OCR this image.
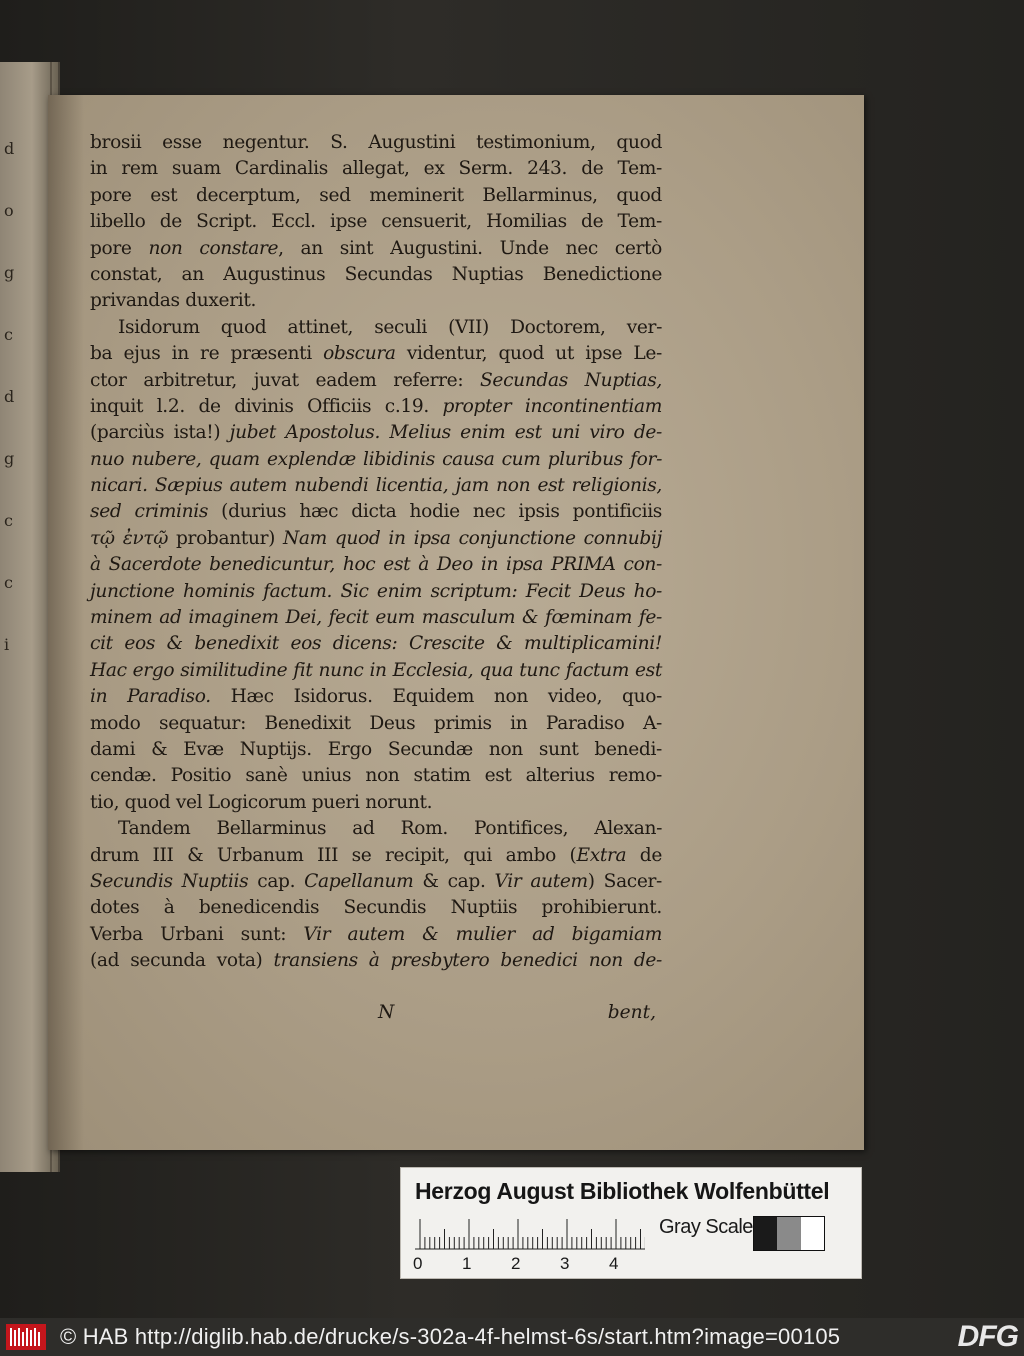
d
o
g
c
d
g
c
c
i
brosii esse negentur. S. Augustini testimonium, quod
in rem suam Cardinalis allegat, ex Serm. 243. de Tem-
pore est decerptum, sed meminerit Bellarminus, quod
libello de Script. Eccl. ipse censuerit, Homilias de Tem-
pore non constare, an sint Augustini. Unde nec certò
constat, an Augustinus Secundas Nuptias Benedictione
privandas duxerit.
Isidorum quod attinet, seculi (VII) Doctorem, ver-
ba ejus in re præsenti obscura videntur, quod ut ipse Le-
ctor arbitretur, juvat eadem referre: Secundas Nuptias,
inquit l.2. de divinis Officiis c.19. propter incontinentiam
(parciùs ista!) jubet Apostolus. Melius enim est uni viro de-
nuo nubere, quam explendæ libidinis causa cum pluribus for-
nicari. Sæpius autem nubendi licentia, jam non est religionis,
sed criminis (durius hæc dicta hodie nec ipsis pontificiis
τῷ ἐντῷ probantur) Nam quod in ipsa conjunctione connubij
à Sacerdote benedicuntur, hoc est à Deo in ipsa PRIMA con-
junctione hominis factum. Sic enim scriptum: Fecit Deus ho-
minem ad imaginem Dei, fecit eum masculum & fœminam fe-
cit eos & benedixit eos dicens: Crescite & multiplicamini!
Hac ergo similitudine fit nunc in Ecclesia, qua tunc factum est
in Paradiso. Hæc Isidorus. Equidem non video, quo-
modo sequatur: Benedixit Deus primis in Paradiso A-
dami & Evæ Nuptijs. Ergo Secundæ non sunt benedi-
cendæ. Positio sanè unius non statim est alterius remo-
tio, quod vel Logicorum pueri norunt.
Tandem Bellarminus ad Rom. Pontifices, Alexan-
drum III & Urbanum III se recipit, qui ambo (Extra de
Secundis Nuptiis cap. Capellanum & cap. Vir autem) Sacer-
dotes à benedicendis Secundis Nuptiis prohibierunt.
Verba Urbani sunt: Vir autem & mulier ad bigamiam
(ad secunda vota) transiens à presbytero benedici non de-
N	bent,
Herzog August Bibliothek Wolfenbüttel
0 1 2 3 4
Gray Scale
© HAB http://diglib.hab.de/drucke/s-302a-4f-helmst-6s/start.htm?image=00105	DFG
